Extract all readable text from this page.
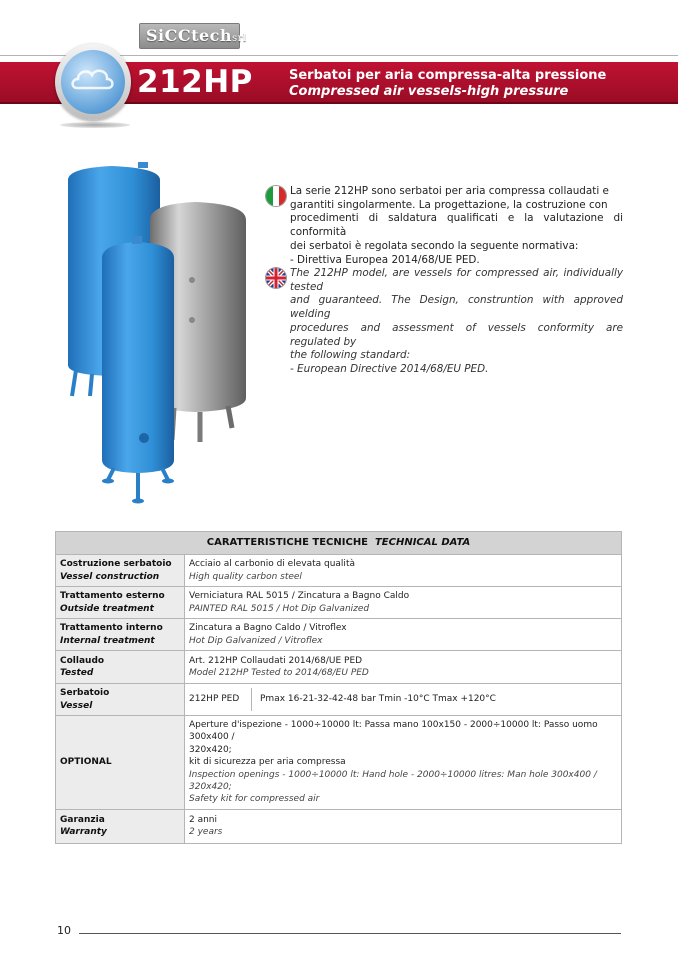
SiCCtechsrl
212HP	Serbatoi per aria compressa-alta pressione
Compressed air vessels-high pressure

La serie 212HP sono serbatoi per aria compressa collaudati e
garantiti singolarmente. La progettazione, la costruzione con
procedimenti di saldatura qualificati e la valutazione di conformità
dei serbatoi è regolata secondo la seguente normativa:
- Direttiva Europea 2014/68/UE PED.

The 212HP model, are vessels for compressed air, individually tested
and guaranteed. The Design, construntion with approved welding
procedures and assessment of vessels conformity are regulated by
the following standard:
- European Directive 2014/68/EU PED.

CARATTERISTICHE TECNICHE TECHNICAL DATA	

Costruzione serbatoio
Vessel construction	Acciaio al carbonio di elevata qualità
High quality carbon steel

Trattamento esterno
Outside treatment	Verniciatura RAL 5015 / Zincatura a Bagno Caldo
PAINTED RAL 5015 / Hot Dip Galvanized

Trattamento interno
Internal treatment	Zincatura a Bagno Caldo / Vitroflex
Hot Dip Galvanized / Vitroflex

Collaudo
Tested	Art. 212HP Collaudati 2014/68/UE PED
Model 212HP Tested to 2014/68/EU PED

Serbatoio
Vessel	212HP PED Pmax 16-21-32-42-48 bar Tmin -10°C Tmax +120°C

OPTIONAL	Aperture d'ispezione - 1000÷10000 lt: Passa mano 100x150 - 2000÷10000 lt: Passo uomo 300x400 /
320x420;
kit di sicurezza per aria compressa
Inspection openings - 1000÷10000 lt: Hand hole - 2000÷10000 litres: Man hole 300x400 / 320x420;
Safety kit for compressed air

Garanzia
Warranty	2 anni
2 years
10
